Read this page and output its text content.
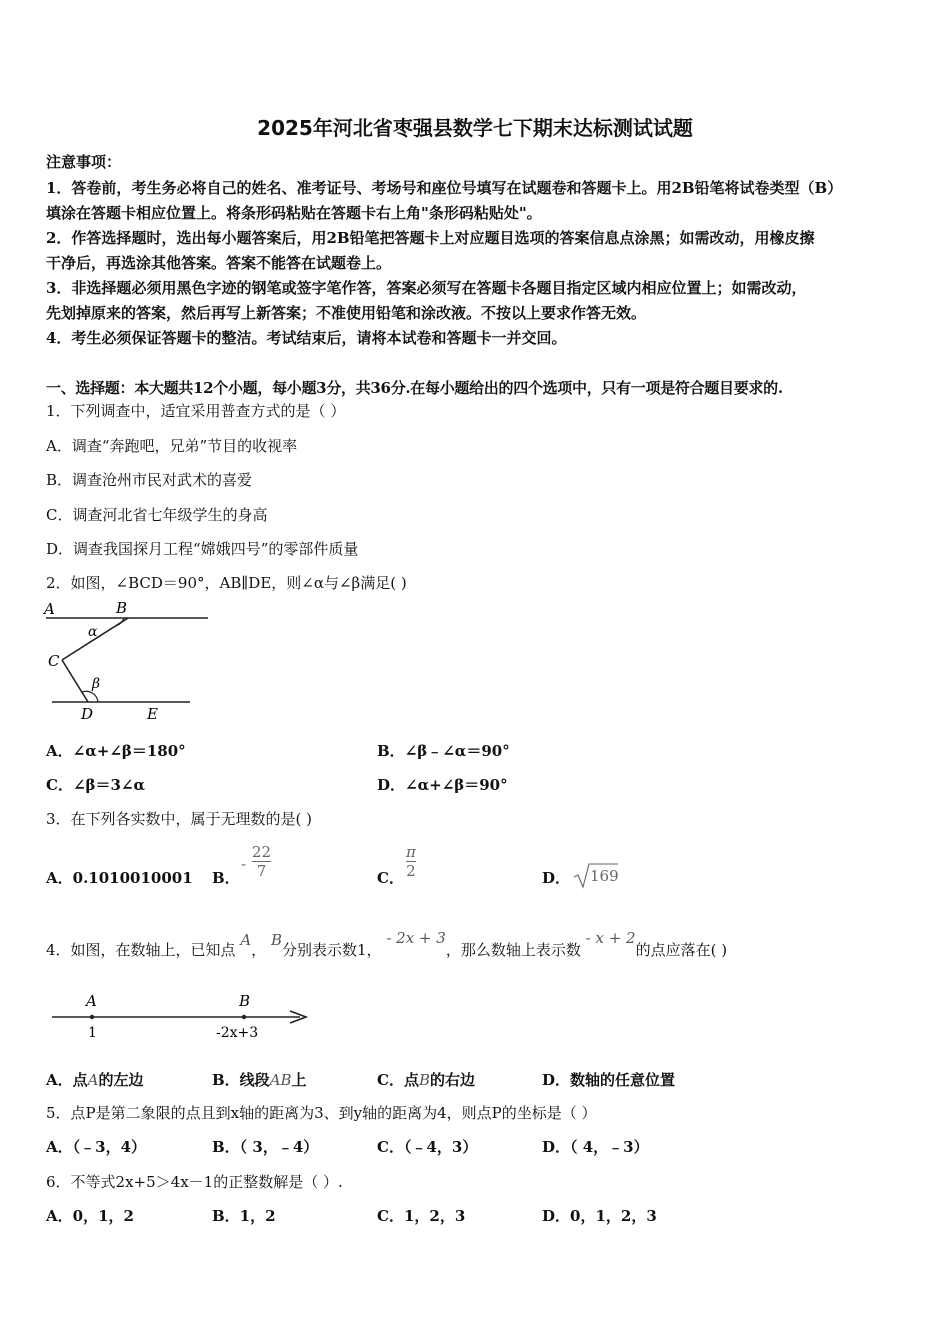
2025年河北省枣强县数学七下期末达标测试试题
注意事项：
1．答卷前，考生务必将自己的姓名、准考证号、考场号和座位号填写在试题卷和答题卡上。用2B铅笔将试卷类型（B）
填涂在答题卡相应位置上。将条形码粘贴在答题卡右上角"条形码粘贴处"。
2．作答选择题时，选出每小题答案后，用2B铅笔把答题卡上对应题目选项的答案信息点涂黑；如需改动，用橡皮擦
干净后，再选涂其他答案。答案不能答在试题卷上。
3．非选择题必须用黑色字迹的钢笔或签字笔作答，答案必须写在答题卡各题目指定区域内相应位置上；如需改动，
先划掉原来的答案，然后再写上新答案；不准使用铅笔和涂改液。不按以上要求作答无效。
4．考生必须保证答题卡的整洁。考试结束后，请将本试卷和答题卡一并交回。
一、选择题：本大题共12个小题，每小题3分，共36分.在每小题给出的四个选项中，只有一项是符合题目要求的.
1．下列调查中，适宜采用普查方式的是（ ）
A．调查“奔跑吧，兄弟”节目的收视率
B．调查沧州市民对武术的喜爱
C．调查河北省七年级学生的身高
D．调查我国探月工程“嫦娥四号”的零部件质量
2．如图，∠BCD＝90°，AB∥DE，则∠α与∠β满足( )
A	B
α
C
β
D	E
A．∠α+∠β＝180°	B．∠β﹣∠α＝90°
C．∠β＝3∠α	D．∠α+∠β＝90°
3．在下列各实数中，属于无理数的是( )
A．0.1010010001 B．
-
22
7	C．
π
2	D． 169
4．如图，在数轴上，已知点 A， B分别表示数1， - 2x + 3，那么数轴上表示数 - x + 2的点应落在( )
A	B
1	-2x+3
A．点A的左边	B．线段AB上	C．点B的右边	D．数轴的任意位置
5．点P是第二象限的点且到x轴的距离为3、到y轴的距离为4，则点P的坐标是（ ）
A．（﹣3，4）	B．（ 3，﹣4）	C．（﹣4，3）	D．（ 4，﹣3）
6．不等式2x+5＞4x－1的正整数解是（ ）.
A．0，1，2	B．1，2	C．1，2，3	D．0，1，2，3
